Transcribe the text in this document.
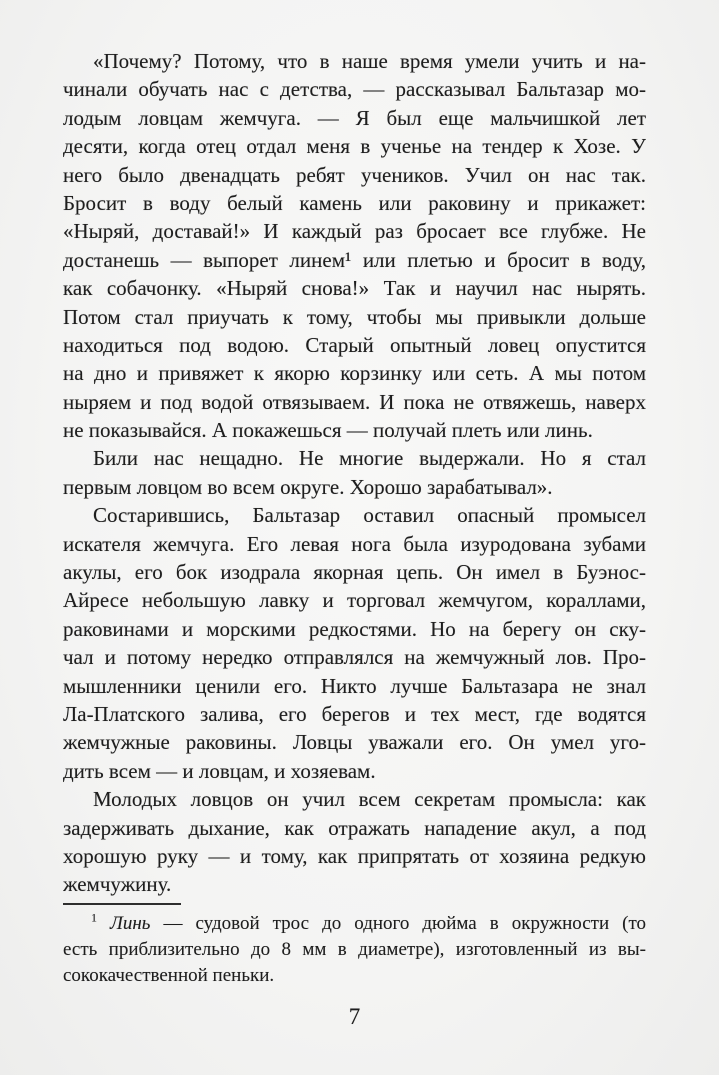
«Почему? Потому, что в наше время умели учить и на-
чинали обучать нас с детства, — рассказывал Бальтазар мо-
лодым ловцам жемчуга. — Я был еще мальчишкой лет
десяти, когда отец отдал меня в ученье на тендер к Хозе. У
него было двенадцать ребят учеников. Учил он нас так.
Бросит в воду белый камень или раковину и прикажет:
«Ныряй, доставай!» И каждый раз бросает все глубже. Не
достанешь — выпорет линем¹ или плетью и бросит в воду,
как собачонку. «Ныряй снова!» Так и научил нас нырять.
Потом стал приучать к тому, чтобы мы привыкли дольше
находиться под водою. Старый опытный ловец опустится
на дно и привяжет к якорю корзинку или сеть. А мы потом
ныряем и под водой отвязываем. И пока не отвяжешь, наверх
не показывайся. А покажешься — получай плеть или линь.
Били нас нещадно. Не многие выдержали. Но я стал
первым ловцом во всем округе. Хорошо зарабатывал».
Состарившись, Бальтазар оставил опасный промысел
искателя жемчуга. Его левая нога была изуродована зубами
акулы, его бок изодрала якорная цепь. Он имел в Буэнос-
Айресе небольшую лавку и торговал жемчугом, кораллами,
раковинами и морскими редкостями. Но на берегу он ску-
чал и потому нередко отправлялся на жемчужный лов. Про-
мышленники ценили его. Никто лучше Бальтазара не знал
Ла-Платского залива, его берегов и тех мест, где водятся
жемчужные раковины. Ловцы уважали его. Он умел уго-
дить всем — и ловцам, и хозяевам.
Молодых ловцов он учил всем секретам промысла: как
задерживать дыхание, как отражать нападение акул, а под
хорошую руку — и тому, как припрятать от хозяина редкую
жемчужину.
$^1$ Линь — судовой трос до одного дюйма в окружности (то
есть приблизительно до 8 мм в диаметре), изготовленный из вы-
сококачественной пеньки.
7
